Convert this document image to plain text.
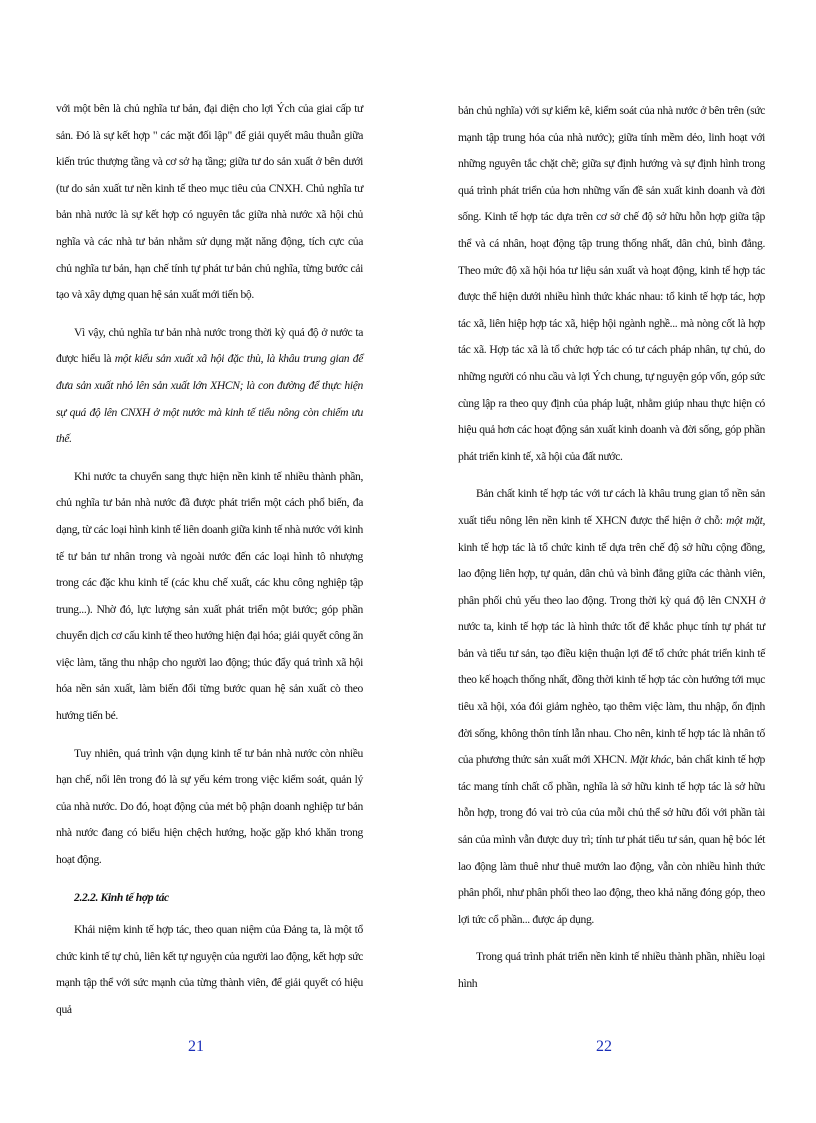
với một bên là chủ nghĩa tư bản, đại diện cho lợi Ých của giai cấp tư sản. Đó là sự kết hợp " các mặt đối lập" để giải quyết mâu thuẫn giữa kiến trúc thượng tầng và cơ sở hạ tầng; giữa tư do sản xuất ở bên dưới (tư do sản xuất tư nền kinh tế theo mục tiêu của CNXH. Chủ nghĩa tư bản nhà nước là sự kết hợp có nguyên tắc giữa nhà nước xã hội chủ nghĩa và các nhà tư bản nhằm sử dụng mặt năng động, tích cực của chủ nghĩa tư bản, hạn chế tính tự phát tư bản chủ nghĩa, từng bước cải tạo và xây dựng quan hệ sản xuất mới tiến bộ.

Vì vậy, chủ nghĩa tư bản nhà nước trong thời kỳ quá độ ở nước ta được hiểu là một kiểu sản xuất xã hội đặc thù, là khâu trung gian để đưa sản xuất nhỏ lên sản xuất lớn XHCN; là con đường để thực hiện sự quá độ lên CNXH ở một nước mà kinh tế tiểu nông còn chiếm ưu thế.

Khi nước ta chuyển sang thực hiện nền kinh tế nhiều thành phần, chủ nghĩa tư bản nhà nước đã được phát triển một cách phổ biến, đa dạng, từ các loại hình kinh tế liên doanh giữa kinh tế nhà nước với kinh tế tư bản tư nhân trong và ngoài nước đến các loại hình tô nhượng trong các đặc khu kinh tế (các khu chế xuất, các khu công nghiệp tập trung...). Nhờ đó, lực lượng sản xuất phát triển một bước; góp phần chuyển dịch cơ cấu kinh tế theo hướng hiện đại hóa; giải quyết công ăn việc làm, tăng thu nhập cho người lao động; thúc đẩy quá trình xã hội hóa nền sản xuất, làm biến đổi từng bước quan hệ sản xuất cò theo hướng tiến bé.

Tuy nhiên, quá trình vận dụng kinh tế tư bản nhà nước còn nhiều hạn chế, nổi lên trong đó là sự yếu kém trong việc kiểm soát, quản lý của nhà nước. Do đó, hoạt động của mét bộ phận doanh nghiệp tư bản nhà nước đang có biểu hiện chệch hướng, hoặc gặp khó khăn trong hoạt động.

2.2.2. Kinh tế hợp tác

Khái niệm kinh tế hợp tác, theo quan niệm của Đảng ta, là một tổ chức kinh tế tự chủ, liên kết tự nguyện của người lao động, kết hợp sức mạnh tập thể với sức mạnh của từng thành viên, để giải quyết có hiệu quả

bản chủ nghĩa) với sự kiểm kê, kiểm soát của nhà nước ở bên trên (sức mạnh tập trung hóa của nhà nước); giữa tính mềm dẻo, linh hoạt với những nguyên tắc chặt chẽ; giữa sự định hướng và sự định hình trong quá trình phát triển của hơn những vấn đề sản xuất kinh doanh và đời sống. Kinh tế hợp tác dựa trên cơ sở chế độ sở hữu hỗn hợp giữa tập thể và cá nhân, hoạt động tập trung thống nhất, dân chủ, bình đẳng. Theo mức độ xã hội hóa tư liệu sản xuất và hoạt động, kinh tế hợp tác được thể hiện dưới nhiều hình thức khác nhau: tổ kinh tế hợp tác, hợp tác xã, liên hiệp hợp tác xã, hiệp hội ngành nghề... mà nòng cốt là hợp tác xã. Hợp tác xã là tổ chức hợp tác có tư cách pháp nhân, tự chủ, do những người có nhu cầu và lợi Ých chung, tự nguyện góp vốn, góp sức cùng lập ra theo quy định của pháp luật, nhằm giúp nhau thực hiện có hiệu quả hơn các hoạt động sản xuất kinh doanh và đời sống, góp phần phát triển kinh tế, xã hội của đất nước.

Bản chất kinh tế hợp tác với tư cách là khâu trung gian tổ nền sản xuất tiểu nông lên nền kinh tế XHCN được thể hiện ở chỗ: một mặt, kinh tế hợp tác là tổ chức kinh tế dựa trên chế độ sở hữu cộng đồng, lao động liên hợp, tự quản, dân chủ và bình đẳng giữa các thành viên, phân phối chủ yếu theo lao động. Trong thời kỳ quá độ lên CNXH ở nước ta, kinh tế hợp tác là hình thức tốt để khắc phục tính tự phát tư bản và tiểu tư sản, tạo điều kiện thuận lợi để tổ chức phát triển kinh tế theo kế hoạch thống nhất, đồng thời kinh tế hợp tác còn hướng tới mục tiêu xã hội, xóa đói giảm nghèo, tạo thêm việc làm, thu nhập, ổn định đời sống, không thôn tính lẫn nhau. Cho nên, kinh tế hợp tác là nhân tố của phương thức sản xuất mới XHCN. Mặt khác, bản chất kinh tế hợp tác mang tính chất cổ phần, nghĩa là sở hữu kinh tế hợp tác là sở hữu hỗn hợp, trong đó vai trò của của mỗi chủ thể sở hữu đối với phần tài sản của mình vẫn được duy trì; tính tư phát tiểu tư sản, quan hệ bóc lét lao động làm thuê như thuê mướn lao động, vẫn còn nhiều hình thức phân phối, như phân phối theo lao động, theo khả năng đóng góp, theo lợi tức cổ phần... được áp dụng.

Trong quá trình phát triển nền kinh tế nhiều thành phần, nhiều loại hình

21	22
